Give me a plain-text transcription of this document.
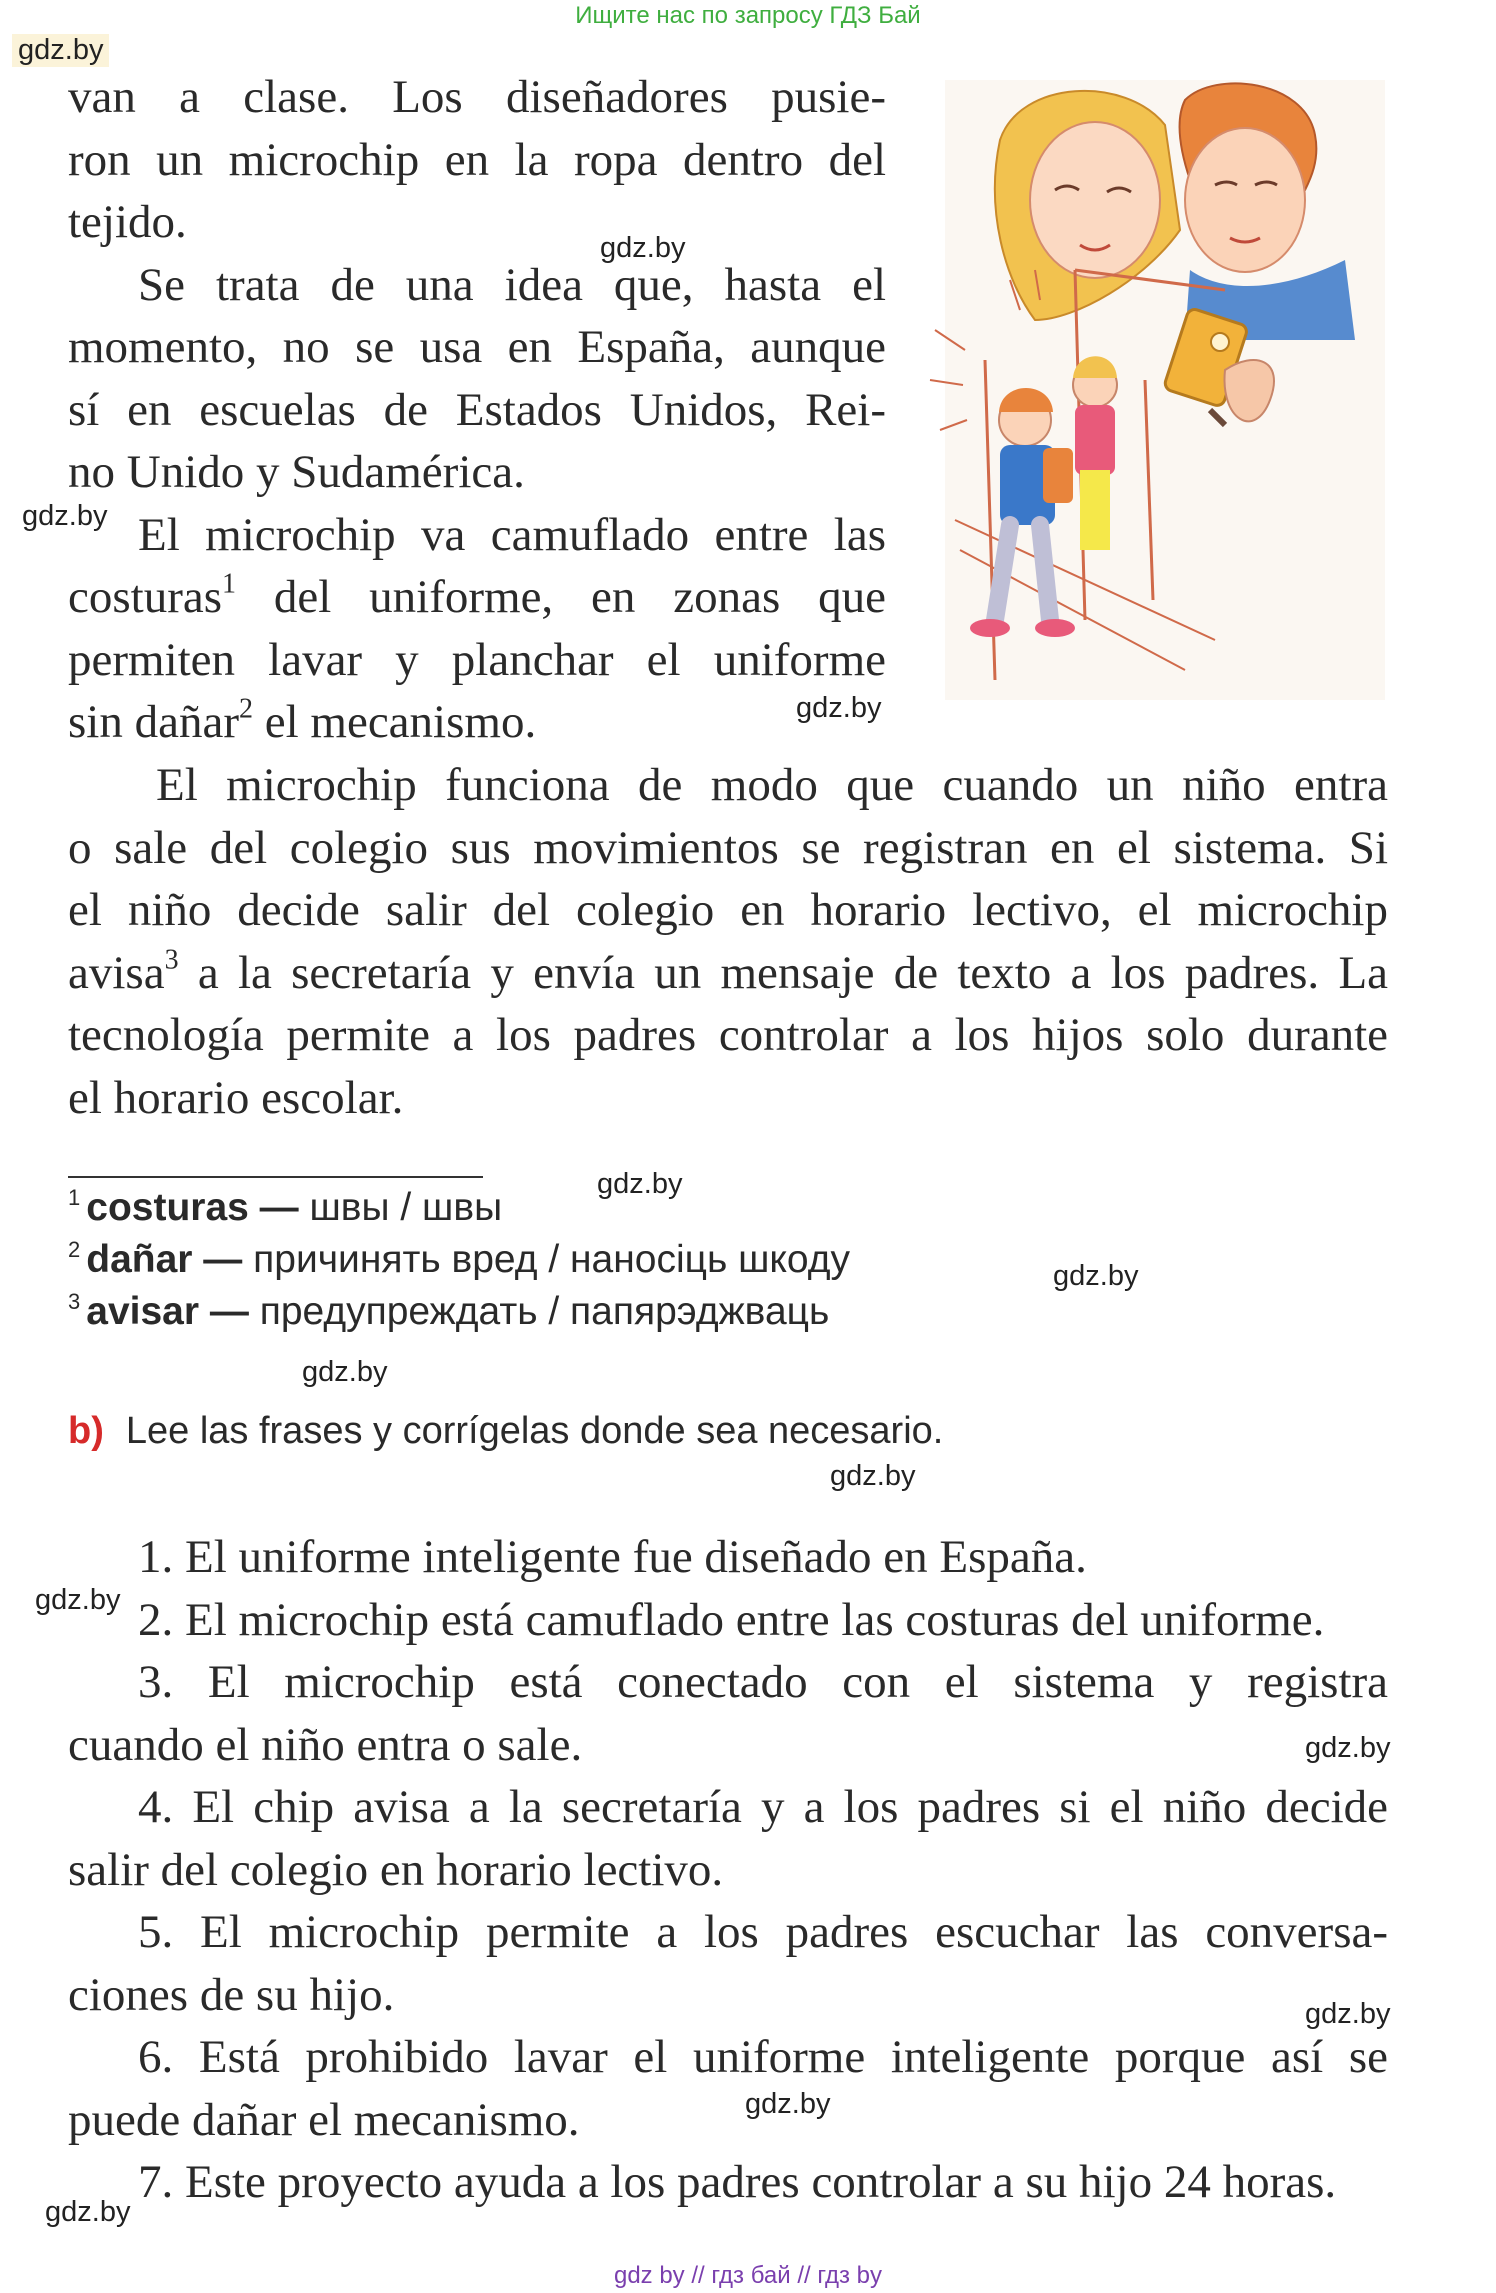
Ищите нас по запросу ГДЗ Бай
gdz.by
gdz.by
gdz.by
gdz.by
gdz.by
gdz.by
gdz.by
gdz.by
gdz.by
gdz.by
gdz.by
gdz.by
gdz.by
van a clase. Los diseñadores pusie-
ron un microchip en la ropa dentro del
tejido.
Se trata de una idea que, hasta el
momento, no se usa en España, aunque
sí en escuelas de Estados Unidos, Rei-
no Unido y Sudamérica.
El microchip va camuflado entre las
costuras$^1$ del uniforme, en zonas que
permiten lavar y planchar el uniforme
sin dañar$^2$ el mecanismo.
El microchip funciona de modo que cuando un niño entra
o sale del colegio sus movimientos se registran en el sistema. Si
el niño decide salir del colegio en horario lectivo, el microchip
avisa$^3$ a la secretaría y envía un mensaje de texto a los padres. La
tecnología permite a los padres controlar a los hijos solo durante
el horario escolar.
$^1$ costuras — швы / швы
$^2$ dañar — причинять вред / наносіць шкоду
$^3$ avisar — предупреждать / папярэджваць
b) Lee las frases y corrígelas donde sea necesario.
1. El uniforme inteligente fue diseñado en España.
2. El microchip está camuflado entre las costuras del uniforme.
3. El microchip está conectado con el sistema y registra
cuando el niño entra o sale.
4. El chip avisa a la secretaría y a los padres si el niño decide
salir del colegio en horario lectivo.
5. El microchip permite a los padres escuchar las conversa-
ciones de su hijo.
6. Está prohibido lavar el uniforme inteligente porque así se
puede dañar el mecanismo.
7. Este proyecto ayuda a los padres controlar a su hijo 24 horas.
gdz by // гдз бай // гдз by
